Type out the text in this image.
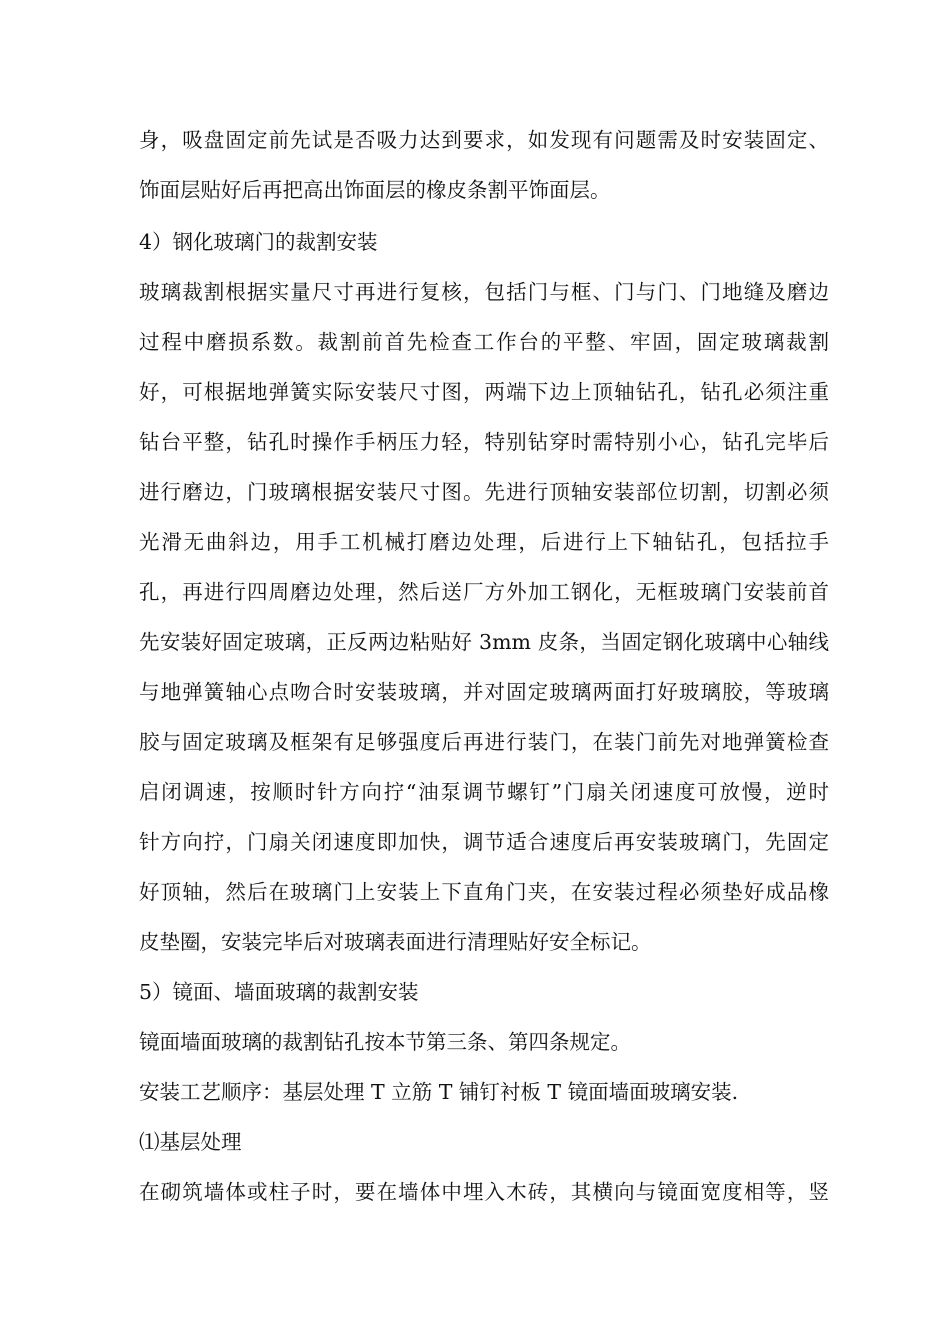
身，吸盘固定前先试是否吸力达到要求，如发现有问题需及时安装固定、
饰面层贴好后再把高出饰面层的橡皮条割平饰面层。
4）钢化玻璃门的裁割安装
玻璃裁割根据实量尺寸再进行复核，包括门与框、门与门、门地缝及磨边
过程中磨损系数。裁割前首先检查工作台的平整、牢固，固定玻璃裁割
好，可根据地弹簧实际安装尺寸图，两端下边上顶轴钻孔，钻孔必须注重
钻台平整，钻孔时操作手柄压力轻，特别钻穿时需特别小心，钻孔完毕后
进行磨边，门玻璃根据安装尺寸图。先进行顶轴安装部位切割，切割必须
光滑无曲斜边，用手工机械打磨边处理，后进行上下轴钻孔，包括拉手
孔，再进行四周磨边处理，然后送厂方外加工钢化，无框玻璃门安装前首
先安装好固定玻璃，正反两边粘贴好 3mm 皮条，当固定钢化玻璃中心轴线
与地弹簧轴心点吻合时安装玻璃，并对固定玻璃两面打好玻璃胶，等玻璃
胶与固定玻璃及框架有足够强度后再进行装门，在装门前先对地弹簧检查
启闭调速，按顺时针方向拧“油泵调节螺钉”门扇关闭速度可放慢，逆时
针方向拧，门扇关闭速度即加快，调节适合速度后再安装玻璃门，先固定
好顶轴，然后在玻璃门上安装上下直角门夹，在安装过程必须垫好成品橡
皮垫圈，安装完毕后对玻璃表面进行清理贴好安全标记。
5）镜面、墙面玻璃的裁割安装
镜面墙面玻璃的裁割钻孔按本节第三条、第四条规定。
安装工艺顺序：基层处理 T 立筋 T 铺钉衬板 T 镜面墙面玻璃安装.
⑴基层处理
在砌筑墙体或柱子时，要在墙体中埋入木砖，其横向与镜面宽度相等，竖
